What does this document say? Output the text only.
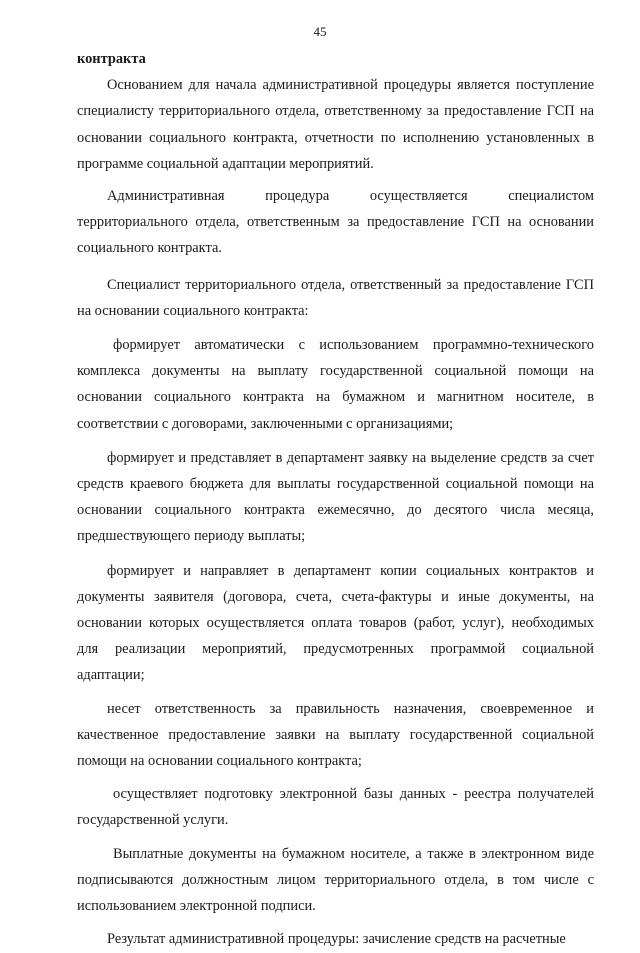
45

контракта

Основанием для начала административной процедуры является поступление специалисту территориального отдела, ответственному за предоставление ГСП на основании социального контракта, отчетности по исполнению установленных в программе социальной адаптации мероприятий.

Административная процедура осуществляется специалистом территориального отдела, ответственным за предоставление ГСП на основании социального контракта.

Специалист территориального отдела, ответственный за предоставление ГСП на основании социального контракта:

формирует автоматически с использованием программно-технического комплекса документы на выплату государственной социальной помощи на основании социального контракта на бумажном и магнитном носителе, в соответствии с договорами, заключенными с организациями;

формирует и представляет в департамент заявку на выделение средств за счет средств краевого бюджета для выплаты государственной социальной помощи на основании социального контракта ежемесячно, до десятого числа месяца, предшествующего периоду выплаты;

формирует и направляет в департамент копии социальных контрактов и документы заявителя (договора, счета, счета-фактуры и иные документы, на основании которых осуществляется оплата товаров (работ, услуг), необходимых для реализации мероприятий, предусмотренных программой социальной адаптации;

несет ответственность за правильность назначения, своевременное и качественное предоставление заявки на выплату государственной социальной помощи на основании социального контракта;

осуществляет подготовку электронной базы данных - реестра получателей государственной услуги.

Выплатные документы на бумажном носителе, а также в электронном виде подписываются должностным лицом территориального отдела, в том числе с использованием электронной подписи.

Результат административной процедуры: зачисление средств на расчетные
